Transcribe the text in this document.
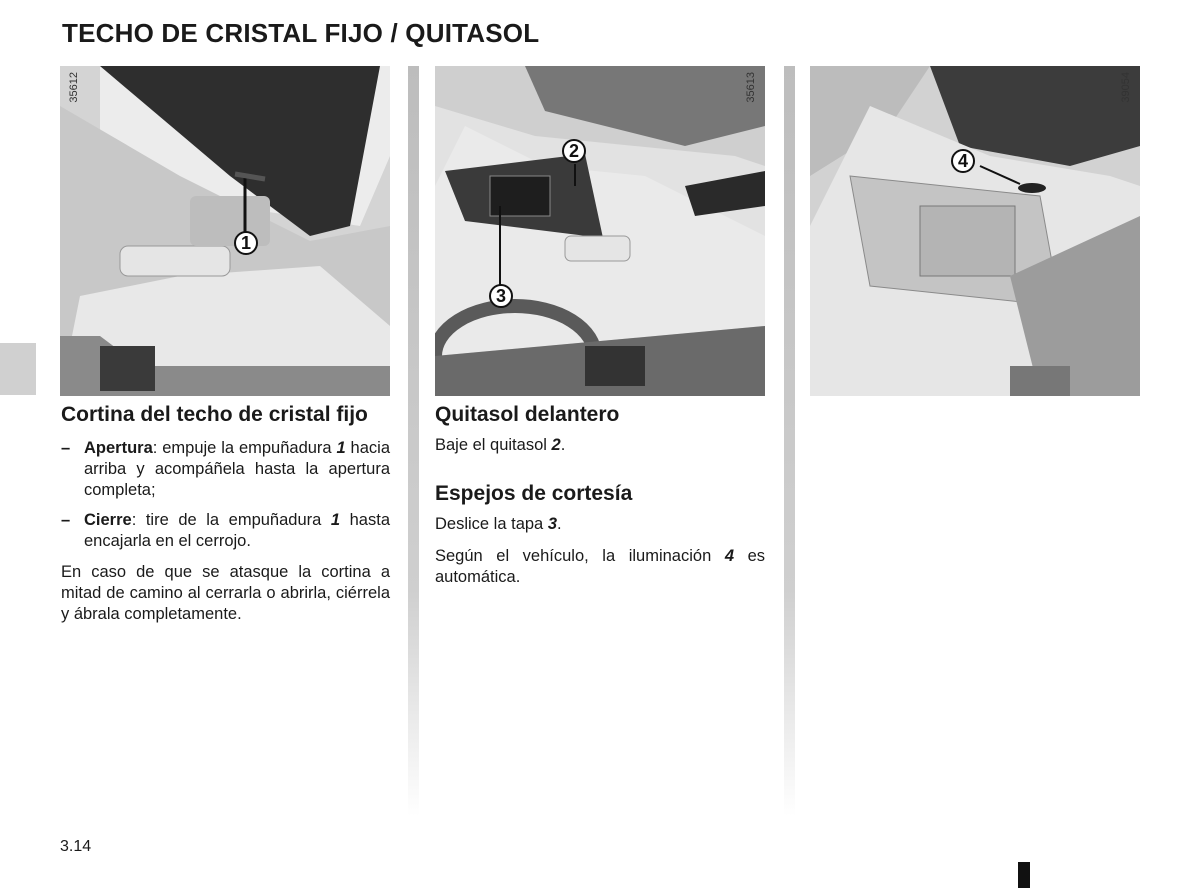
TECHO DE CRISTAL FIJO / QUITASOL
35612
1
35613
2
3
39054
4
Cortina del techo de cristal fijo
– Apertura: empuje la empuñadura 1 hacia arriba y acompáñela hasta la apertura completa;
– Cierre: tire de la empuñadura 1 hasta encajarla en el cerrojo.

En caso de que se atasque la cortina a mitad de camino al cerrarla o abrirla, ciérrela y ábrala completamente.

Quitasol delantero

Baje el quitasol 2.

Espejos de cortesía

Deslice la tapa 3.

Según el vehículo, la iluminación 4 es automática.

3.14
